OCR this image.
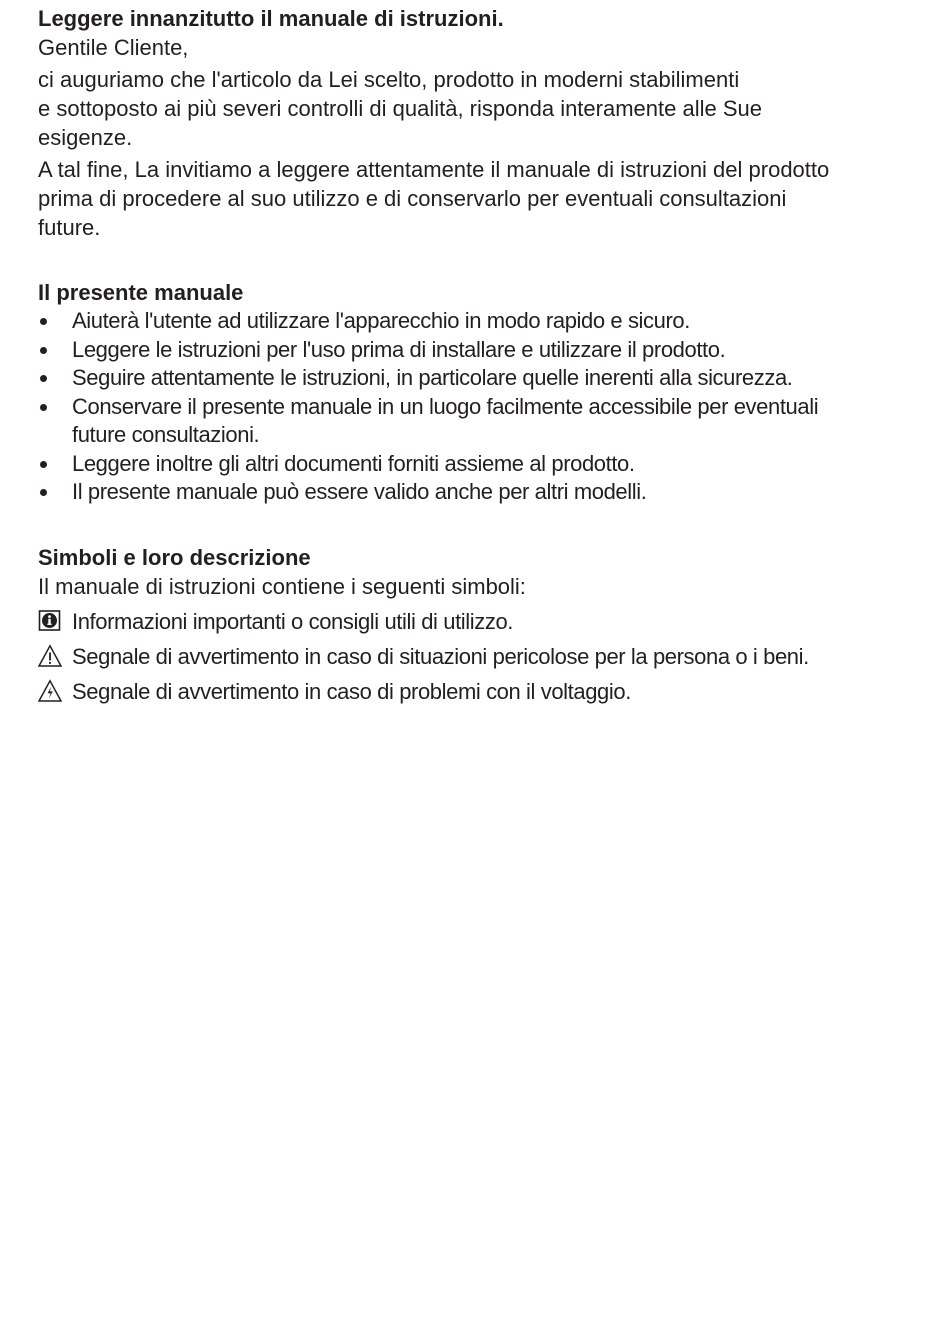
Leggere innanzitutto il manuale di istruzioni.

Gentile Cliente,

ci auguriamo che l'articolo da Lei scelto, prodotto in moderni stabilimenti

e sottoposto ai più severi controlli di qualità, risponda interamente alle Sue

esigenze.

A tal fine, La invitiamo a leggere attentamente il manuale di istruzioni del prodotto

prima di procedere al suo utilizzo e di conservarlo per eventuali consultazioni

future.

Il presente manuale

Aiuterà l'utente ad utilizzare l'apparecchio in modo rapido e sicuro.
Leggere le istruzioni per l'uso prima di installare e utilizzare il prodotto.
Seguire attentamente le istruzioni, in particolare quelle inerenti alla sicurezza.
Conservare il presente manuale in un luogo facilmente accessibile per eventuali
future consultazioni.
Leggere inoltre gli altri documenti forniti assieme al prodotto.
Il presente manuale può essere valido anche per altri modelli.

Simboli e loro descrizione

Il manuale di istruzioni contiene i seguenti simboli:

Informazioni importanti o consigli utili di utilizzo.
Segnale di avvertimento in caso di situazioni pericolose per la persona o i beni.
Segnale di avvertimento in caso di problemi con il voltaggio.
